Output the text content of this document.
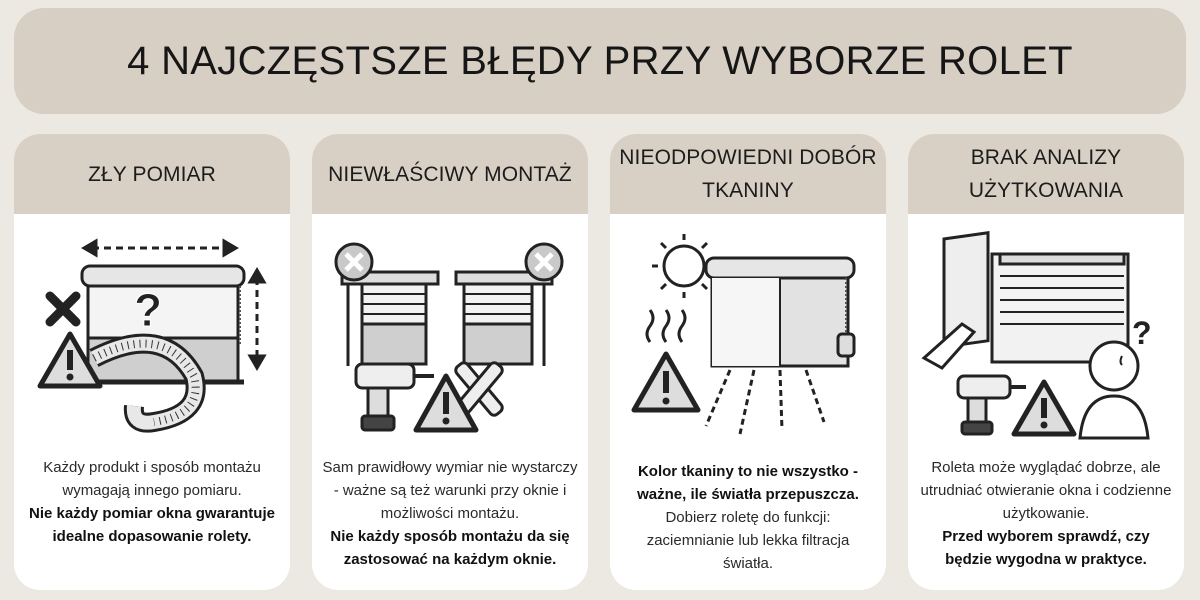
4 NAJCZĘSTSZE BŁĘDY PRZY WYBORZE ROLET
ZŁY POMIAR
?
Każdy produkt i sposób montażu wymagają innego pomiaru.
Nie każdy pomiar okna gwarantuje idealne dopasowanie rolety.
NIEWŁAŚCIWY MONTAŻ
Sam prawidłowy wymiar nie wystarczy - ważne są też warunki przy oknie i możliwości montażu.
Nie każdy sposób montażu da się zastosować na każdym oknie.
NIEODPOWIEDNI DOBÓR TKANINY
Kolor tkaniny to nie wszystko - ważne, ile światła przepuszcza.
Dobierz roletę do funkcji: zaciemnianie lub lekka filtracja światła.
BRAK ANALIZY UŻYTKOWANIA
?
Roleta może wyglądać dobrze, ale utrudniać otwieranie okna i codzienne użytkowanie.
Przed wyborem sprawdź, czy będzie wygodna w praktyce.
